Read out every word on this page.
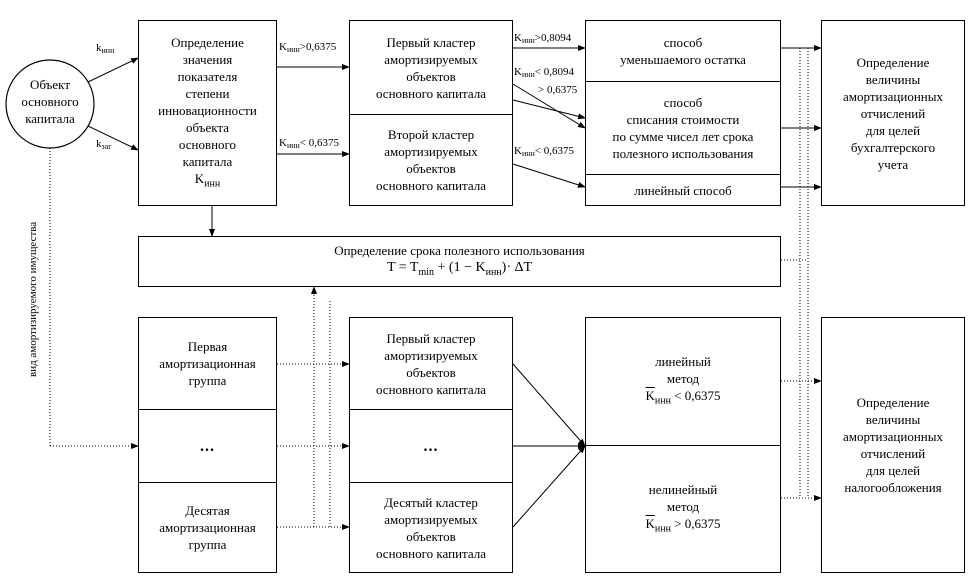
Объект
основного
капитала
$k_{инн}$
$k_{заг}$
вид амортизируемого имущества
Определение
значения
показателя
степени
инновационности
объекта
основного
капитала
$K_{инн}$
$K_{инн}>0,6375$
$K_{инн}< 0,6375$
$K_{инн}>0,8094$
$K_{инн}< 0,8094$
> 0,6375
$K_{инн}< 0,6375$
Первый кластер
амортизируемых
объектов
основного капитала
Второй кластер
амортизируемых
объектов
основного капитала
способ
уменьшаемого остатка
способ
списания стоимости
по сумме чисел лет срока
полезного использования
линейный способ
Определение
величины
амортизационных
отчислений
для целей
бухгалтерского
учета
Определение срока полезного использования
$T = T_{min} + (1 - K_{инн})\cdot \Delta T$
Первая
амортизационная
группа
...
Десятая
амортизационная
группа
Первый кластер
амортизируемых
объектов
основного капитала
...
Десятый кластер
амортизируемых
объектов
основного капитала
линейный
метод
$\overline{K}_{инн} < 0,6375$
нелинейный
метод
$\overline{K}_{инн} > 0,6375$
Определение
величины
амортизационных
отчислений
для целей
налогообложения
